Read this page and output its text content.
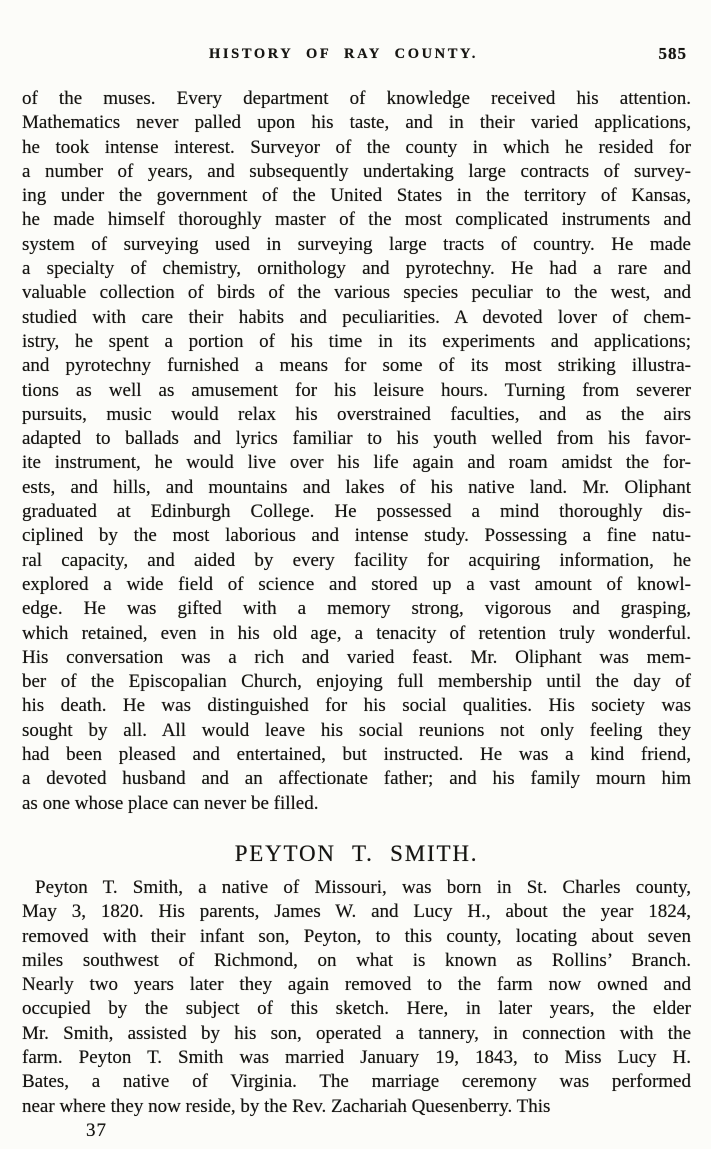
HISTORY OF RAY COUNTY.	585
of the muses. Every department of knowledge received his attention.
Mathematics never palled upon his taste, and in their varied applications,
he took intense interest. Surveyor of the county in which he resided for
a number of years, and subsequently undertaking large contracts of survey-
ing under the government of the United States in the territory of Kansas,
he made himself thoroughly master of the most complicated instruments and
system of surveying used in surveying large tracts of country. He made
a specialty of chemistry, ornithology and pyrotechny. He had a rare and
valuable collection of birds of the various species peculiar to the west, and
studied with care their habits and peculiarities. A devoted lover of chem-
istry, he spent a portion of his time in its experiments and applications;
and pyrotechny furnished a means for some of its most striking illustra-
tions as well as amusement for his leisure hours. Turning from severer
pursuits, music would relax his overstrained faculties, and as the airs
adapted to ballads and lyrics familiar to his youth welled from his favor-
ite instrument, he would live over his life again and roam amidst the for-
ests, and hills, and mountains and lakes of his native land. Mr. Oliphant
graduated at Edinburgh College. He possessed a mind thoroughly dis-
ciplined by the most laborious and intense study. Possessing a fine natu-
ral capacity, and aided by every facility for acquiring information, he
explored a wide field of science and stored up a vast amount of knowl-
edge. He was gifted with a memory strong, vigorous and grasping,
which retained, even in his old age, a tenacity of retention truly wonderful.
His conversation was a rich and varied feast. Mr. Oliphant was mem-
ber of the Episcopalian Church, enjoying full membership until the day of
his death. He was distinguished for his social qualities. His society was
sought by all. All would leave his social reunions not only feeling they
had been pleased and entertained, but instructed. He was a kind friend,
a devoted husband and an affectionate father; and his family mourn him
as one whose place can never be filled.
PEYTON T. SMITH.
Peyton T. Smith, a native of Missouri, was born in St. Charles county,
May 3, 1820. His parents, James W. and Lucy H., about the year 1824,
removed with their infant son, Peyton, to this county, locating about seven
miles southwest of Richmond, on what is known as Rollins’ Branch.
Nearly two years later they again removed to the farm now owned and
occupied by the subject of this sketch. Here, in later years, the elder
Mr. Smith, assisted by his son, operated a tannery, in connection with the
farm. Peyton T. Smith was married January 19, 1843, to Miss Lucy H.
Bates, a native of Virginia. The marriage ceremony was performed
near where they now reside, by the Rev. Zachariah Quesenberry. This
37
